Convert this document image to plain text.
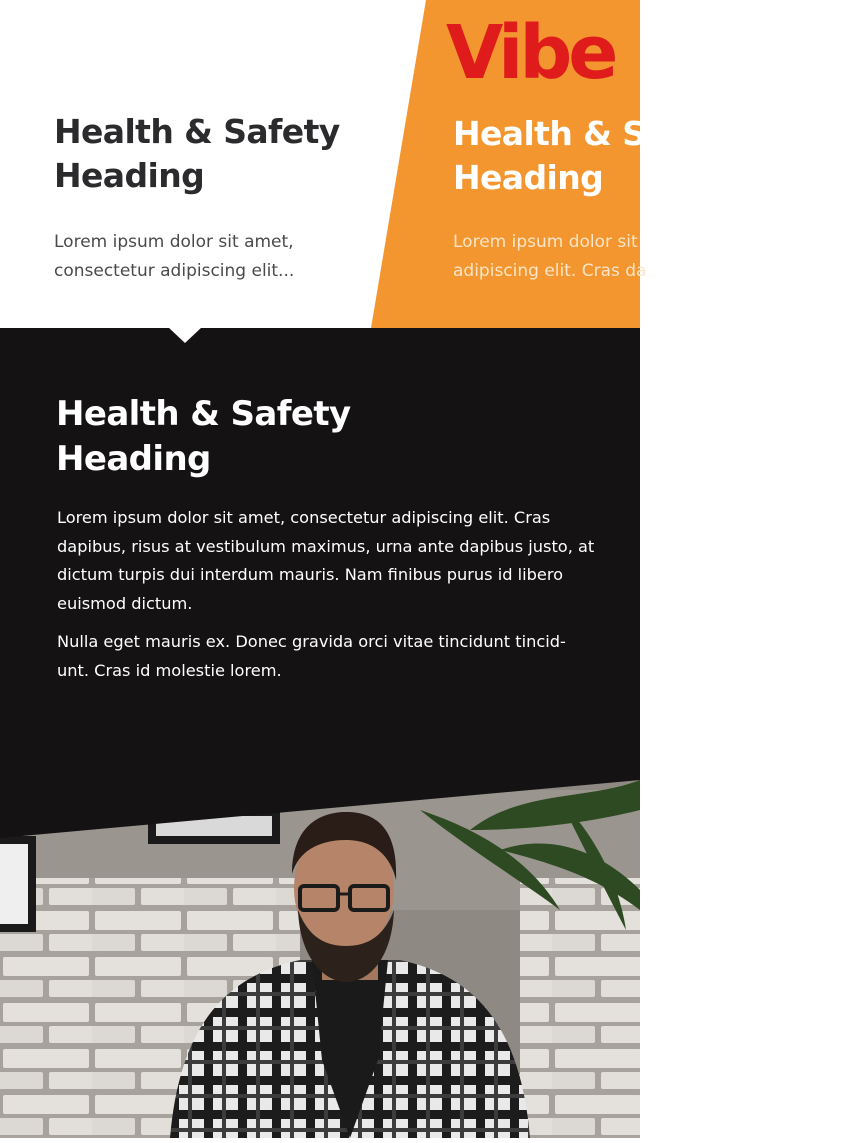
Vibe
Health & Safety
Heading

Lorem ipsum dolor sit amet,
consectetur adipiscing elit...

Health & Sa
Heading

Lorem ipsum dolor sit
adipiscing elit. Cras da

Health & Safety
Heading

Lorem ipsum dolor sit amet, consectetur adipiscing elit. Cras dapibus, risus at vestibulum maximus, urna ante dapibus justo, at dictum turpis dui interdum mauris. Nam finibus purus id libero euismod dictum.

Nulla eget mauris ex. Donec gravida orci vitae tincidunt tincid-unt. Cras id molestie lorem.
